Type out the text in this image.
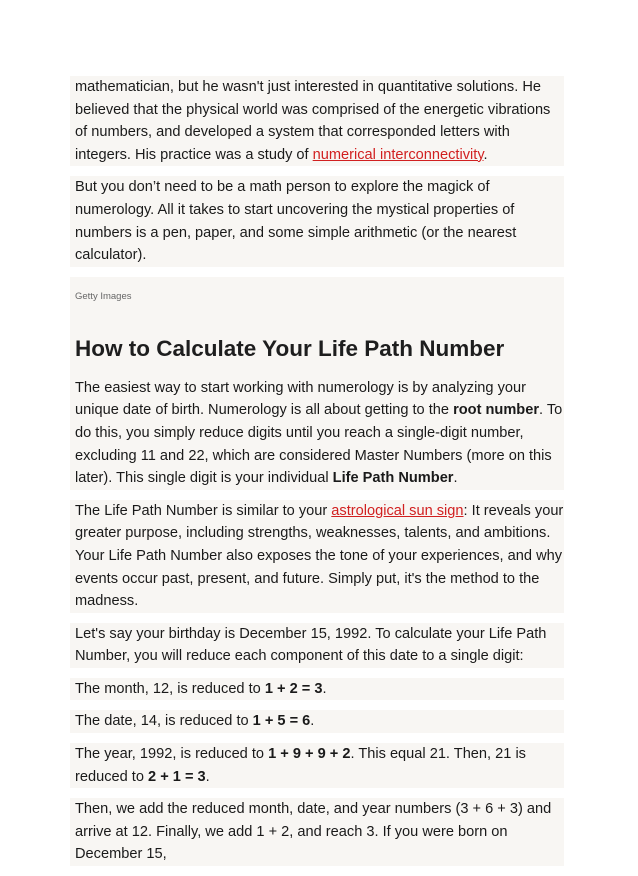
mathematician, but he wasn't just interested in quantitative solutions. He believed that the physical world was comprised of the energetic vibrations of numbers, and developed a system that corresponded letters with integers. His practice was a study of numerical interconnectivity.
But you don’t need to be a math person to explore the magick of numerology. All it takes to start uncovering the mystical properties of numbers is a pen, paper, and some simple arithmetic (or the nearest calculator).
Getty Images
How to Calculate Your Life Path Number
The easiest way to start working with numerology is by analyzing your unique date of birth. Numerology is all about getting to the root number. To do this, you simply reduce digits until you reach a single-digit number, excluding 11 and 22, which are considered Master Numbers (more on this later). This single digit is your individual Life Path Number.
The Life Path Number is similar to your astrological sun sign: It reveals your greater purpose, including strengths, weaknesses, talents, and ambitions. Your Life Path Number also exposes the tone of your experiences, and why events occur past, present, and future. Simply put, it's the method to the madness.
Let's say your birthday is December 15, 1992. To calculate your Life Path Number, you will reduce each component of this date to a single digit:
The month, 12, is reduced to 1 + 2 = 3.
The date, 14, is reduced to 1 + 5 = 6.
The year, 1992, is reduced to 1 + 9 + 9 + 2. This equal 21. Then, 21 is reduced to 2 + 1 = 3.
Then, we add the reduced month, date, and year numbers (3 + 6 + 3) and arrive at 12. Finally, we add 1 + 2, and reach 3. If you were born on December 15,
